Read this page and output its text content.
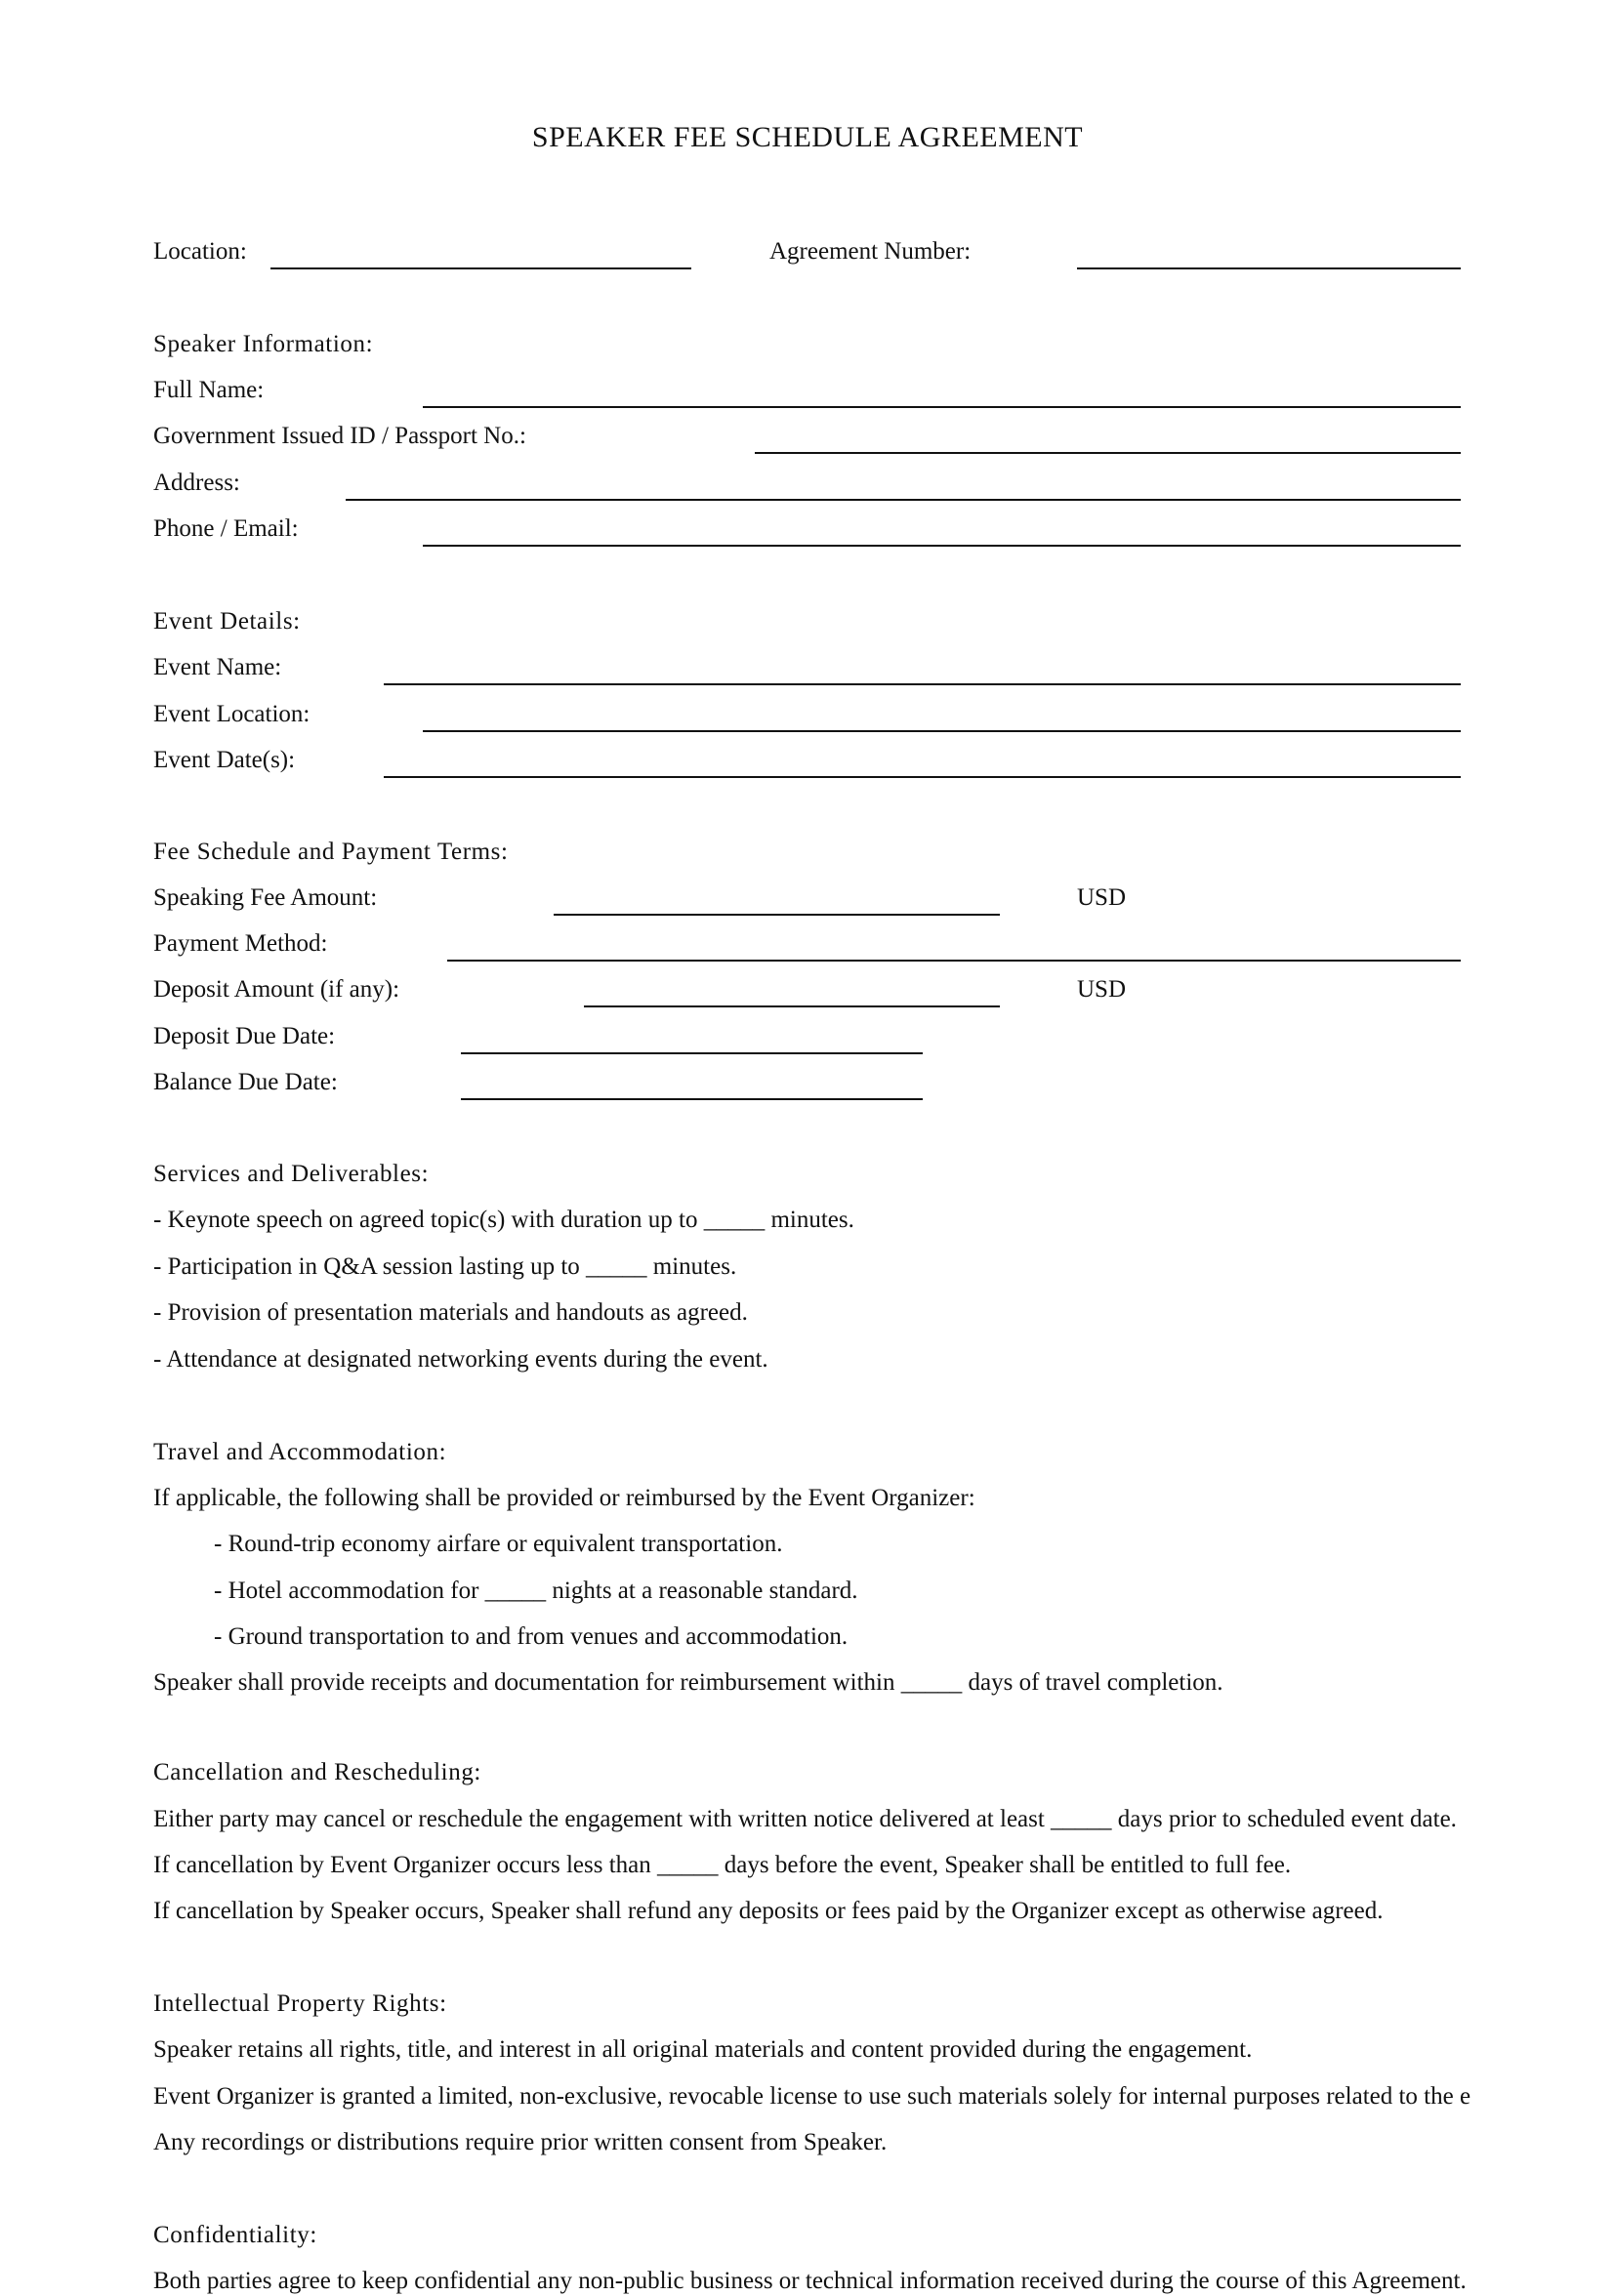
SPEAKER FEE SCHEDULE AGREEMENT
Location:	Agreement Number:
Speaker Information:
Full Name:
Government Issued ID / Passport No.:
Address:
Phone / Email:
Event Details:
Event Name:
Event Location:
Event Date(s):
Fee Schedule and Payment Terms:
Speaking Fee Amount:	USD
Payment Method:
Deposit Amount (if any):	USD
Deposit Due Date:
Balance Due Date:
Services and Deliverables:
- Keynote speech on agreed topic(s) with duration up to _____ minutes.
- Participation in Q&A session lasting up to _____ minutes.
- Provision of presentation materials and handouts as agreed.
- Attendance at designated networking events during the event.
Travel and Accommodation:
If applicable, the following shall be provided or reimbursed by the Event Organizer:
- Round-trip economy airfare or equivalent transportation.
- Hotel accommodation for _____ nights at a reasonable standard.
- Ground transportation to and from venues and accommodation.
Speaker shall provide receipts and documentation for reimbursement within _____ days of travel completion.
Cancellation and Rescheduling:
Either party may cancel or reschedule the engagement with written notice delivered at least _____ days prior to scheduled event date.
If cancellation by Event Organizer occurs less than _____ days before the event, Speaker shall be entitled to full fee.
If cancellation by Speaker occurs, Speaker shall refund any deposits or fees paid by the Organizer except as otherwise agreed.
Intellectual Property Rights:
Speaker retains all rights, title, and interest in all original materials and content provided during the engagement.
Event Organizer is granted a limited, non-exclusive, revocable license to use such materials solely for internal purposes related to the e
Any recordings or distributions require prior written consent from Speaker.
Confidentiality:
Both parties agree to keep confidential any non-public business or technical information received during the course of this Agreement.
